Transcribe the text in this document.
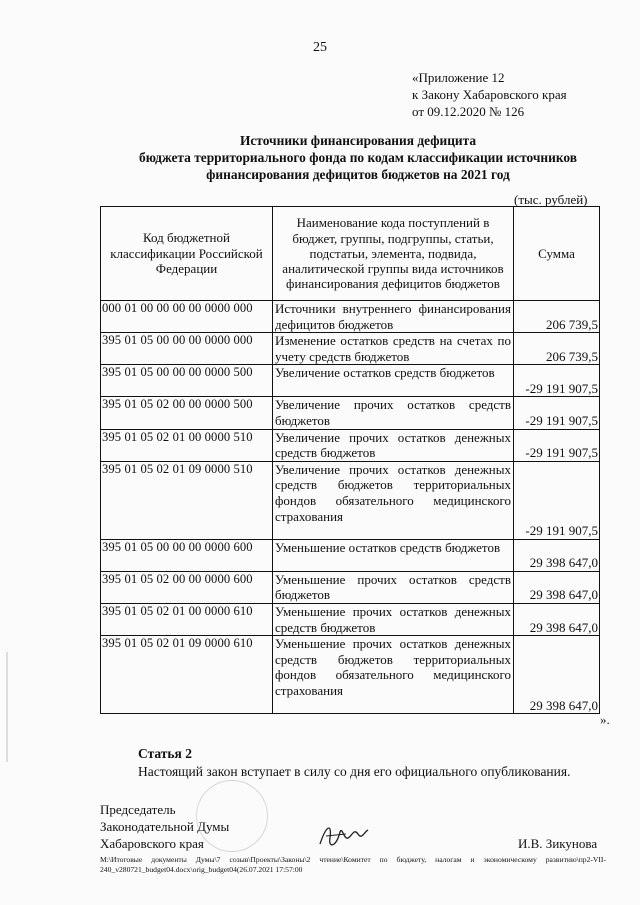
25
«Приложение 12
к Закону Хабаровского края
от 09.12.2020 № 126
Источники финансирования дефицита
бюджета территориального фонда по кодам классификации источников
финансирования дефицитов бюджетов на 2021 год
(тыс. рублей)
Код бюджетной классификации Российской Федерации	Наименование кода поступлений в бюджет, группы, подгруппы, статьи, подстатьи, элемента, подвида, аналитической группы вида источников финансирования дефицитов бюджетов	Сумма
000 01 00 00 00 00 0000 000	Источники внутреннего финансирования дефицитов бюджетов	206 739,5
395 01 05 00 00 00 0000 000	Изменение остатков средств на счетах по учету средств бюджетов	206 739,5
395 01 05 00 00 00 0000 500	Увеличение остатков средств бюджетов	-29 191 907,5
395 01 05 02 00 00 0000 500	Увеличение прочих остатков средств бюджетов	-29 191 907,5
395 01 05 02 01 00 0000 510	Увеличение прочих остатков денежных средств бюджетов	-29 191 907,5
395 01 05 02 01 09 0000 510	Увеличение прочих остатков денежных средств бюджетов территориальных фондов обязательного медицинского страхования	-29 191 907,5
395 01 05 00 00 00 0000 600	Уменьшение остатков средств бюджетов	29 398 647,0
395 01 05 02 00 00 0000 600	Уменьшение прочих остатков средств бюджетов	29 398 647,0
395 01 05 02 01 00 0000 610	Уменьшение прочих остатков денежных средств бюджетов	29 398 647,0
395 01 05 02 01 09 0000 610	Уменьшение прочих остатков денежных средств бюджетов территориальных фондов обязательного медицинского страхования	29 398 647,0
».
Статья 2
Настоящий закон вступает в силу со дня его официального опубликования.
Председатель
Законодательной Думы
Хабаровского края	И.В. Зикунова
М:\Итоговые документы Думы\7 созыв\Проекты\Законы\2 чтение\Комитет по бюджету, налогам и экономическому развитию\пр2-VII-240_v280721_budget04.docx\orig_budget04(26.07.2021 17:57:00
